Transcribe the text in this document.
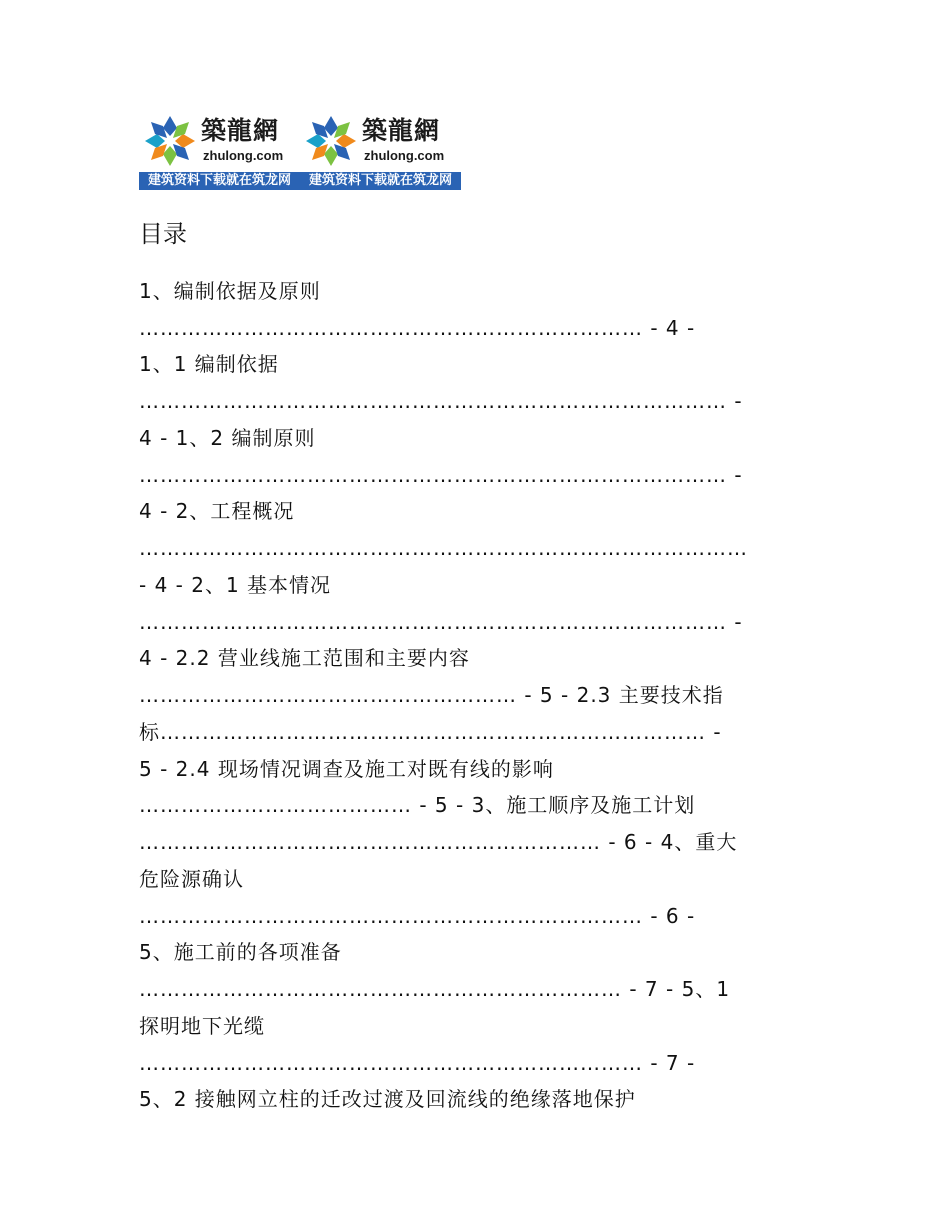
築龍網
zhulong.com
築龍網
zhulong.com
建筑资料下载就在筑龙网 建筑资料下载就在筑龙网
目录
1、编制依据及原则
……………………………………………………………… - 4 -
1、1 编制依据
………………………………………………………………………… -
4 - 1、2 编制原则
………………………………………………………………………… -
4 - 2、工程概况
……………………………………………………………………………
- 4 - 2、1 基本情况
………………………………………………………………………… -
4 - 2.2 营业线施工范围和主要内容
……………………………………………… - 5 - 2.3 主要技术指
标…………………………………………………………………… -
5 - 2.4 现场情况调查及施工对既有线的影响
………………………………… - 5 - 3、施工顺序及施工计划
………………………………………………………… - 6 - 4、重大
危险源确认
……………………………………………………………… - 6 -
5、施工前的各项准备
…………………………………………………………… - 7 - 5、1
探明地下光缆
……………………………………………………………… - 7 -
5、2 接触网立柱的迁改过渡及回流线的绝缘落地保护
